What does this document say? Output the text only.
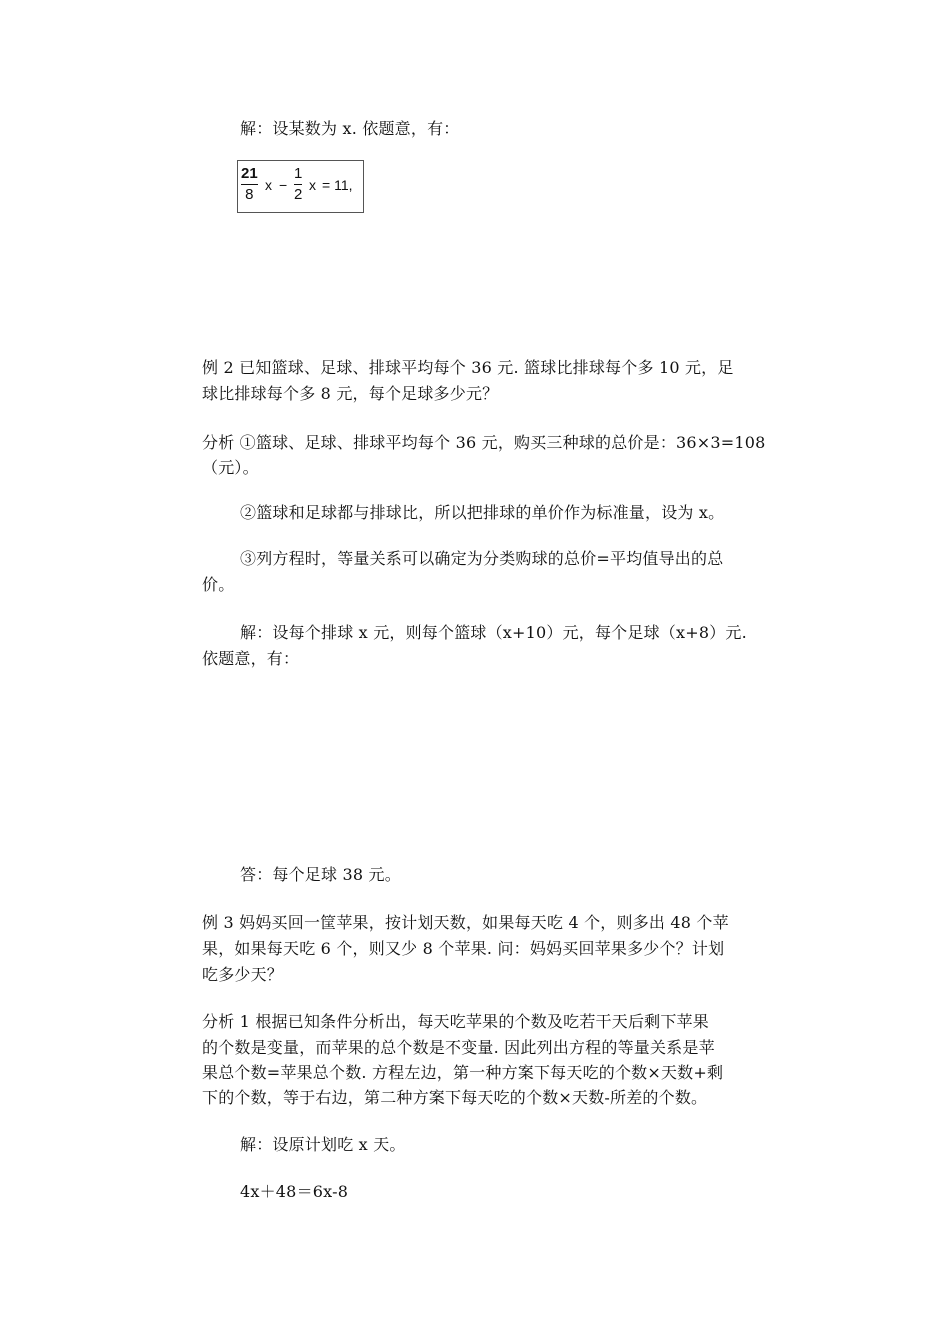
解：设某数为 x. 依题意，有：

21
8
x −
1
2
x = 11,

例 2 已知篮球、足球、排球平均每个 36 元. 篮球比排球每个多 10 元，足

球比排球每个多 8 元，每个足球多少元？

分析 ①篮球、足球、排球平均每个 36 元，购买三种球的总价是：36×3=108

（元）。

②篮球和足球都与排球比，所以把排球的单价作为标准量，设为 x。

③列方程时，等量关系可以确定为分类购球的总价=平均值导出的总

价。

解：设每个排球 x 元，则每个篮球（x+10）元，每个足球（x+8）元.

依题意，有：

答：每个足球 38 元。

例 3 妈妈买回一筐苹果，按计划天数，如果每天吃 4 个，则多出 48 个苹

果，如果每天吃 6 个，则又少 8 个苹果. 问：妈妈买回苹果多少个？计划

吃多少天？

分析 1 根据已知条件分析出，每天吃苹果的个数及吃若干天后剩下苹果

的个数是变量，而苹果的总个数是不变量. 因此列出方程的等量关系是苹

果总个数=苹果总个数. 方程左边，第一种方案下每天吃的个数×天数+剩

下的个数，等于右边，第二种方案下每天吃的个数×天数-所差的个数。

解：设原计划吃 x 天。

4x＋48＝6x-8
